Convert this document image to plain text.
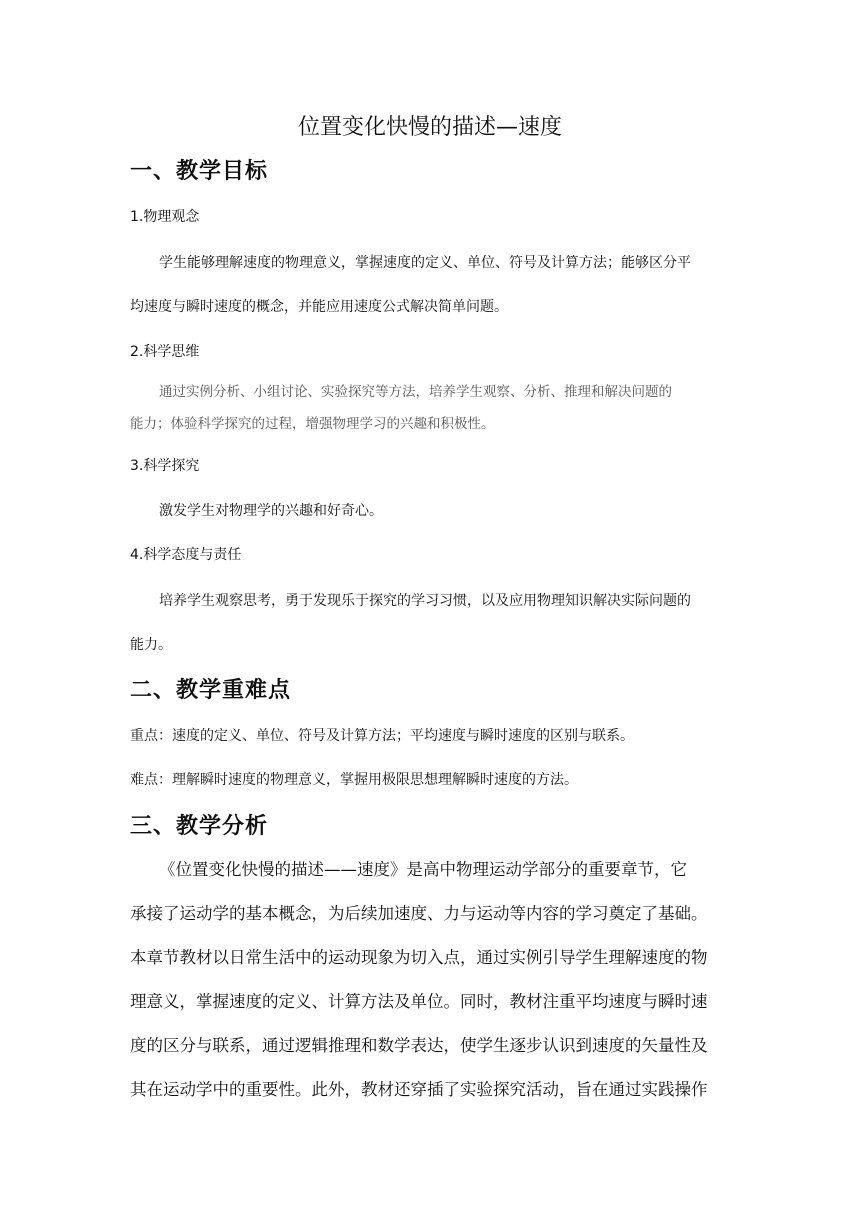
位置变化快慢的描述—速度
一、教学目标
1.物理观念
学生能够理解速度的物理意义，掌握速度的定义、单位、符号及计算方法；能够区分平
均速度与瞬时速度的概念，并能应用速度公式解决简单问题。
2.科学思维
通过实例分析、小组讨论、实验探究等方法，培养学生观察、分析、推理和解决问题的
能力；体验科学探究的过程，增强物理学习的兴趣和积极性。
3.科学探究
激发学生对物理学的兴趣和好奇心。
4.科学态度与责任
培养学生观察思考，勇于发现乐于探究的学习习惯，以及应用物理知识解决实际问题的
能力。
二、教学重难点
重点：速度的定义、单位、符号及计算方法；平均速度与瞬时速度的区别与联系。
难点：理解瞬时速度的物理意义，掌握用极限思想理解瞬时速度的方法。
三、教学分析
《位置变化快慢的描述——速度》是高中物理运动学部分的重要章节，它
承接了运动学的基本概念，为后续加速度、力与运动等内容的学习奠定了基础。
本章节教材以日常生活中的运动现象为切入点，通过实例引导学生理解速度的物
理意义，掌握速度的定义、计算方法及单位。同时，教材注重平均速度与瞬时速
度的区分与联系，通过逻辑推理和数学表达，使学生逐步认识到速度的矢量性及
其在运动学中的重要性。此外，教材还穿插了实验探究活动，旨在通过实践操作
